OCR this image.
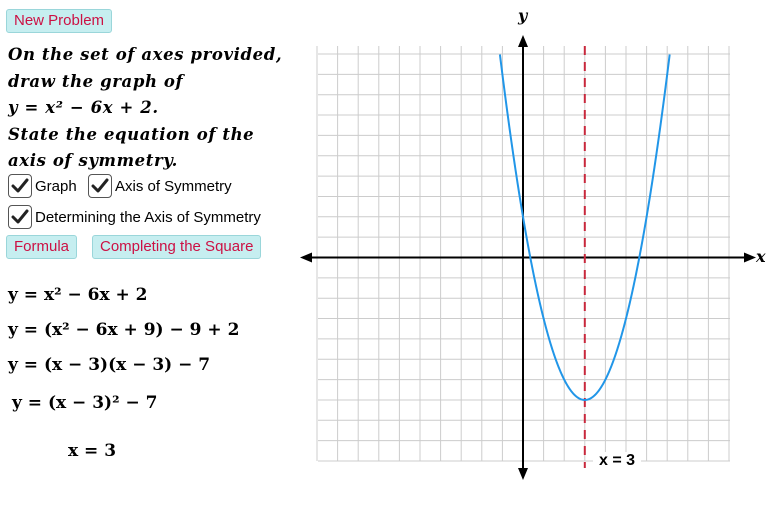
New Problem
Formula	Completing the Square
On the set of axes provided,
draw the graph of
y = x² − 6x + 2.
State the equation of the
axis of symmetry.
Graph	Axis of Symmetry
Determining the Axis of Symmetry
y = x² − 6x + 2
y = (x² − 6x + 9) − 9 + 2
y = (x − 3)(x − 3) − 7
y = (x − 3)² − 7
x = 3
y
x
x = 3
